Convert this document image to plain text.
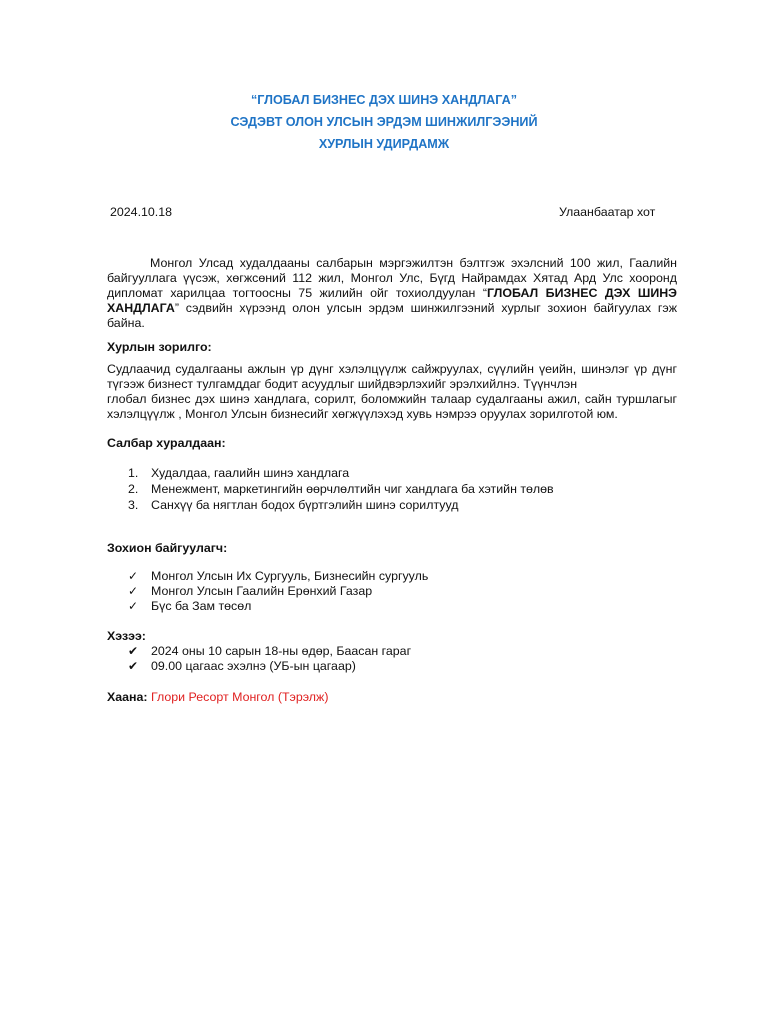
“ГЛОБАЛ БИЗНЕС ДЭХ ШИНЭ ХАНДЛАГА”
СЭДЭВТ ОЛОН УЛСЫН ЭРДЭМ ШИНЖИЛГЭЭНИЙ
ХУРЛЫН УДИРДАМЖ
2024.10.18	Улаанбаатар хот
Монгол Улсад худалдааны салбарын мэргэжилтэн бэлтгэж эхэлсний 100 жил, Гаалийн байгууллага үүсэж, хөгжсөний 112 жил, Монгол Улс, Бүгд Найрамдах Хятад Ард Улс хооронд дипломат харилцаа тогтоосны 75 жилийн ойг тохиолдуулан “ГЛОБАЛ БИЗНЕС ДЭХ ШИНЭ ХАНДЛАГА” сэдвийн хүрээнд олон улсын эрдэм шинжилгээний хурлыг зохион байгуулах гэж байна.
Хурлын зорилго:
Судлаачид судалгааны ажлын үр дүнг хэлэлцүүлж сайжруулах, сүүлийн үеийн, шинэлэг үр дүнг түгээж бизнест тулгамддаг бодит асуудлыг шийдвэрлэхийг эрэлхийлнэ. Түүнчлэн
глобал бизнес дэх шинэ хандлага, сорилт, боломжийн талаар судалгааны ажил, сайн туршлагыг хэлэлцүүлж , Монгол Улсын бизнесийг хөгжүүлэхэд хувь нэмрээ оруулах зорилготой юм.
Салбар хуралдаан:
1. Худалдаа, гаалийн шинэ хандлага
2. Менежмент, маркетингийн өөрчлөлтийн чиг хандлага ба хэтийн төлөв
3. Санхүү ба нягтлан бодох бүртгэлийн шинэ сорилтууд
Зохион байгуулагч:
✓ Монгол Улсын Их Сургууль, Бизнесийн сургууль
✓ Монгол Улсын Гаалийн Ерөнхий Газар
✓ Бүс ба Зам төсөл
Хэзээ:
✔ 2024 оны 10 сарын 18-ны өдөр, Баасан гараг
✔ 09.00 цагаас эхэлнэ (УБ-ын цагаар)
Хаана: Глори Ресорт Монгол (Тэрэлж)
